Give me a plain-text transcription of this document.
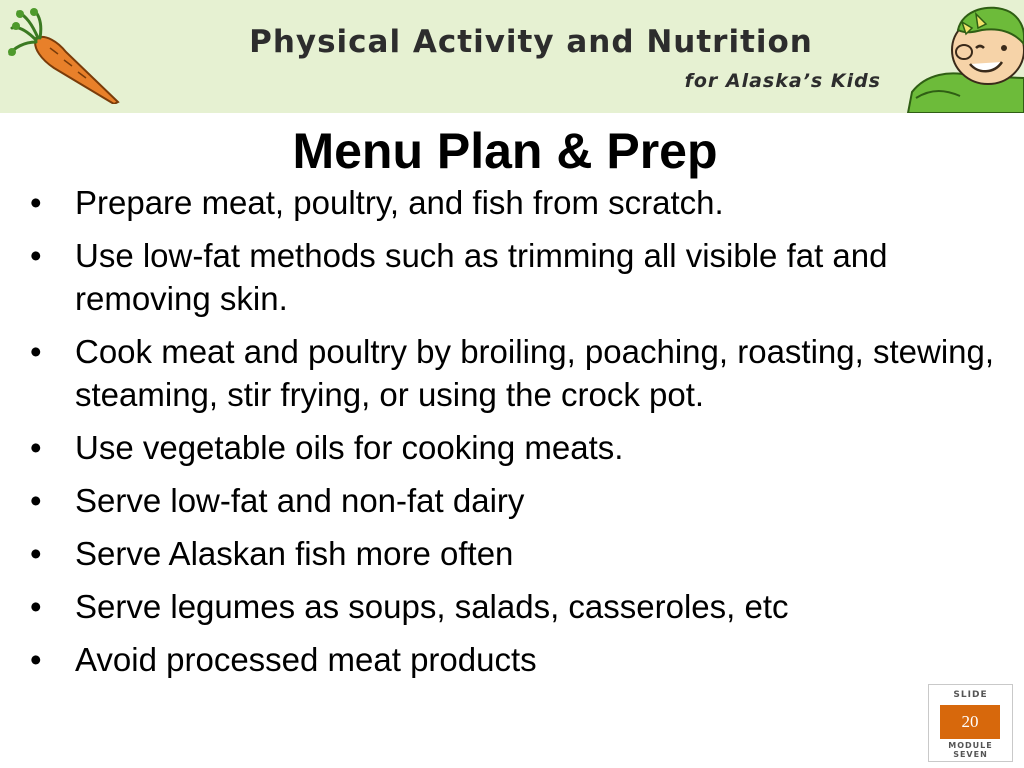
Physical Activity and Nutrition
for Alaska’s Kids
Menu Plan & Prep
• Prepare meat, poultry, and fish from scratch.
• Use low-fat methods such as trimming all visible fat and removing skin.
• Cook meat and poultry by broiling, poaching, roasting, stewing, steaming, stir frying, or using the crock pot.
• Use vegetable oils for cooking meats.
• Serve low-fat and non-fat dairy
• Serve Alaskan fish more often
• Serve legumes as soups, salads, casseroles, etc
• Avoid processed meat products
SLIDE
20
MODULE
SEVEN
